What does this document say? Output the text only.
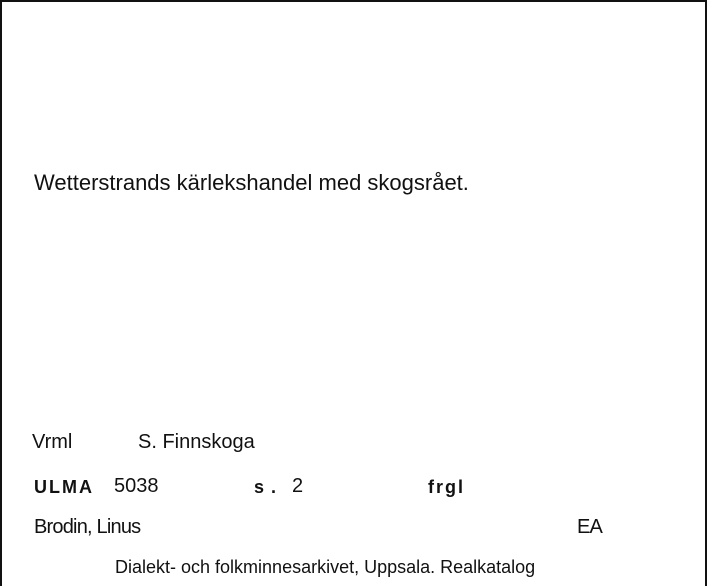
Wetterstrands kärlekshandel med skogsrået.
Vrml	S. Finnskoga
ULMA 5038	s . 2	frgl
Brodin, Linus	EA
Dialekt- och folkminnesarkivet, Uppsala. Realkatalog
